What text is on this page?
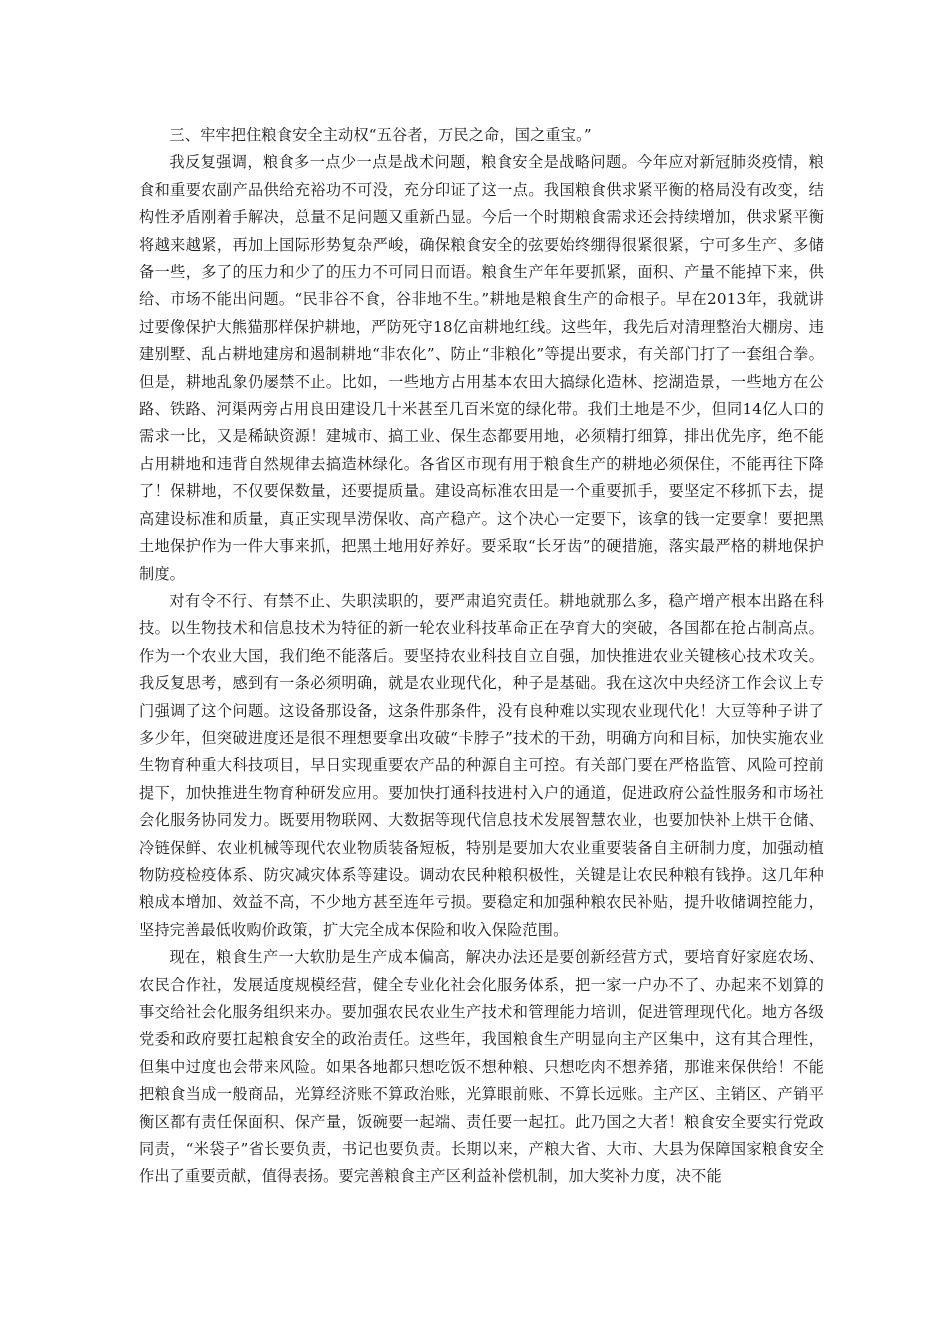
三、牢牢把住粮食安全主动权“五谷者，万民之命，国之重宝。”

我反复强调，粮食多一点少一点是战术问题，粮食安全是战略问题。今年应对新冠肺炎疫情，粮食和重要农副产品供给充裕功不可没，充分印证了这一点。我国粮食供求紧平衡的格局没有改变，结构性矛盾刚着手解决，总量不足问题又重新凸显。今后一个时期粮食需求还会持续增加，供求紧平衡将越来越紧，再加上国际形势复杂严峻，确保粮食安全的弦要始终绷得很紧很紧，宁可多生产、多储备一些，多了的压力和少了的压力不可同日而语。粮食生产年年要抓紧，面积、产量不能掉下来，供给、市场不能出问题。“民非谷不食，谷非地不生。”耕地是粮食生产的命根子。早在2013年，我就讲过要像保护大熊猫那样保护耕地，严防死守18亿亩耕地红线。这些年，我先后对清理整治大棚房、违建别墅、乱占耕地建房和遏制耕地“非农化”、防止“非粮化”等提出要求，有关部门打了一套组合拳。但是，耕地乱象仍屡禁不止。比如，一些地方占用基本农田大搞绿化造林、挖湖造景，一些地方在公路、铁路、河渠两旁占用良田建设几十米甚至几百米宽的绿化带。我们土地是不少，但同14亿人口的需求一比，又是稀缺资源！建城市、搞工业、保生态都要用地，必须精打细算，排出优先序，绝不能占用耕地和违背自然规律去搞造林绿化。各省区市现有用于粮食生产的耕地必须保住，不能再往下降了！保耕地，不仅要保数量，还要提质量。建设高标准农田是一个重要抓手，要坚定不移抓下去，提高建设标准和质量，真正实现旱涝保收、高产稳产。这个决心一定要下，该拿的钱一定要拿！要把黑土地保护作为一件大事来抓，把黑土地用好养好。要采取“长牙齿”的硬措施，落实最严格的耕地保护制度。

对有令不行、有禁不止、失职渎职的，要严肃追究责任。耕地就那么多，稳产增产根本出路在科技。以生物技术和信息技术为特征的新一轮农业科技革命正在孕育大的突破，各国都在抢占制高点。作为一个农业大国，我们绝不能落后。要坚持农业科技自立自强，加快推进农业关键核心技术攻关。我反复思考，感到有一条必须明确，就是农业现代化，种子是基础。我在这次中央经济工作会议上专门强调了这个问题。这设备那设备，这条件那条件，没有良种难以实现农业现代化！大豆等种子讲了多少年，但突破进度还是很不理想要拿出攻破“卡脖子”技术的干劲，明确方向和目标，加快实施农业生物育种重大科技项目，早日实现重要农产品的种源自主可控。有关部门要在严格监管、风险可控前提下，加快推进生物育种研发应用。要加快打通科技进村入户的通道，促进政府公益性服务和市场社会化服务协同发力。既要用物联网、大数据等现代信息技术发展智慧农业，也要加快补上烘干仓储、冷链保鲜、农业机械等现代农业物质装备短板，特别是要加大农业重要装备自主研制力度，加强动植物防疫检疫体系、防灾减灾体系等建设。调动农民种粮积极性，关键是让农民种粮有钱挣。这几年种粮成本增加、效益不高，不少地方甚至连年亏损。要稳定和加强种粮农民补贴，提升收储调控能力，坚持完善最低收购价政策，扩大完全成本保险和收入保险范围。

现在，粮食生产一大软肋是生产成本偏高，解决办法还是要创新经营方式，要培育好家庭农场、农民合作社，发展适度规模经营，健全专业化社会化服务体系，把一家一户办不了、办起来不划算的事交给社会化服务组织来办。要加强农民农业生产技术和管理能力培训，促进管理现代化。地方各级党委和政府要扛起粮食安全的政治责任。这些年，我国粮食生产明显向主产区集中，这有其合理性，但集中过度也会带来风险。如果各地都只想吃饭不想种粮、只想吃肉不想养猪，那谁来保供给！不能把粮食当成一般商品，光算经济账不算政治账，光算眼前账、不算长远账。主产区、主销区、产销平衡区都有责任保面积、保产量，饭碗要一起端、责任要一起扛。此乃国之大者！粮食安全要实行党政同责，“米袋子”省长要负责，书记也要负责。长期以来，产粮大省、大市、大县为保障国家粮食安全作出了重要贡献，值得表扬。要完善粮食主产区利益补偿机制，加大奖补力度，决不能
